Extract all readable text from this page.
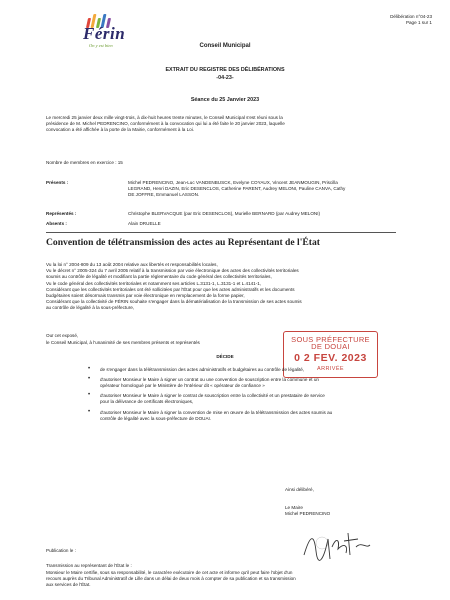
Délibération n°04-23
Page 1 sur 1
Férin
On y est bien	Conseil Municipal
EXTRAIT DU REGISTRE DES DÉLIBÉRATIONS
-04-23-
Séance du 25 Janvier 2023
Le mercredi 25 janvier deux mille vingt-trois, à dix-huit heures trente minutes, le Conseil Municipal s'est réuni sous la
présidence de M. Michel PEDRENCINO, conformément à la convocation qui lui a été faite le 20 janvier 2023, laquelle
convocation a été affichée à la porte de la Mairie, conformément à la Loi.
Nombre de membres en exercice : 15
Présents :	Michel PEDRENCINO, Jean-Luc VANDENBUSCK, Evelyne COYAUX, Vincent JEANMOUGIN, Priscilla
LEGRAND, Henri DAZIN, Eric DESENCLOS, Catherine PARENT, Audrey MELONI, Pauline CANVA, Cathy
DE JOFFRE, Emmanuel LASSON.
Représentés :	Christophe BLERVACQUE (par Eric DESENCLOS), Murielle BERNARD (par Audrey MELONI)
Absents :	Alain DRUELLE
Convention de télétransmission des actes au Représentant de l'État
Vu la loi n° 2004-809 du 13 août 2004 relative aux libertés et responsabilités locales,
Vu le décret n° 2005-324 du 7 avril 2005 relatif à la transmission par voie électronique des actes des collectivités territoriales
soumis au contrôle de légalité et modifiant la partie réglementaire du code général des collectivités territoriales,
Vu le code général des collectivités territoriales et notamment ses articles L.3131-1, L.3131-1 et L.4141-1,
Considérant que les collectivités territoriales ont été sollicitées par l'État pour que les actes administratifs et les documents
budgétaires soient désormais transmis par voie électronique en remplacement de la forme papier,
Considérant que la collectivité de FÉRIN souhaite s'engager dans la dématérialisation de la transmission de ses actes soumis
au contrôle de légalité à la sous-préfecture,
Ouï cet exposé,
le Conseil Municipal, à l'unanimité de ses membres présents et représentés	SOUS PRÉFECTURE
DE DOUAI
0 2 FEV. 2023
ARRIVÉE
DÉCIDE
• de s'engager dans la télétransmission des actes administratifs et budgétaires au contrôle de légalité,
• d'autoriser Monsieur le Maire à signer un contrat ou une convention de souscription entre la commune et un
opérateur homologué par le Ministère de l'Intérieur dit « opérateur de confiance »
• d'autoriser Monsieur le Maire à signer le contrat de souscription entre la collectivité et un prestataire de service
pour la délivrance de certificats électroniques,
• d'autoriser Monsieur le Maire à signer la convention de mise en œuvre de la télétransmission des actes soumis au
contrôle de légalité avec la sous-préfecture de DOUAI.
Ainsi délibéré,
Le Maire
Michel PEDRENCINO
Publication le :
Transmission au représentant de l'État le :
Monsieur le Maire certifie, sous sa responsabilité, le caractère exécutoire de cet acte et informe qu'il peut faire l'objet d'un
recours auprès du Tribunal Administratif de Lille dans un délai de deux mois à compter de sa publication et sa transmission
aux services de l'État.
